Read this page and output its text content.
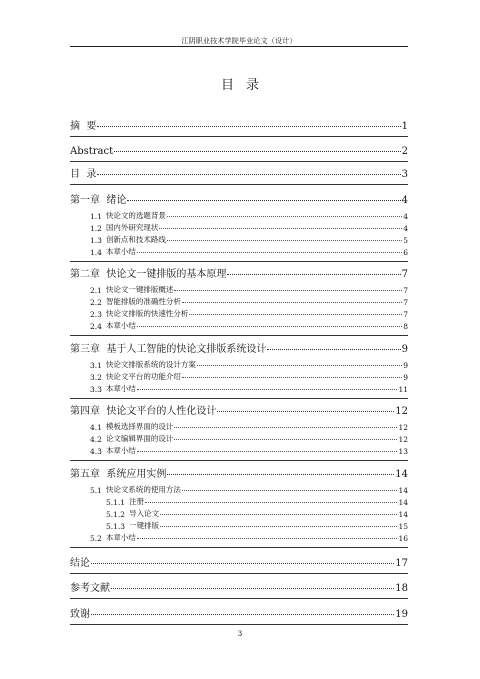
江阴职业技术学院毕业论文（设计）
目录
3
摘  要	1
Abstract	2
目  录	3
第一章  绪论	4
1.1 快论文的选题背景	4
1.2 国内外研究现状	4
1.3 创新点和技术路线	5
1.4 本章小结	6
第二章  快论文一键排版的基本原理	7
2.1 快论文一键排版概述	7
2.2 智能排版的准确性分析	7
2.3 快论文排版的快速性分析	7
2.4 本章小结	8
第三章  基于人工智能的快论文排版系统设计	9
3.1 快论文排版系统的设计方案	9
3.2 快论文平台的功能介绍	9
3.3 本章小结	11
第四章  快论文平台的人性化设计	12
4.1 模板选择界面的设计	12
4.2 论文编辑界面的设计	12
4.3 本章小结	13
第五章  系统应用实例	14
5.1 快论文系统的使用方法	14
5.1.1 注册	14
5.1.2 导入论文	14
5.1.3 一键排版	15
5.2 本章小结	16
结论	17
参考文献	18
致谢	19
